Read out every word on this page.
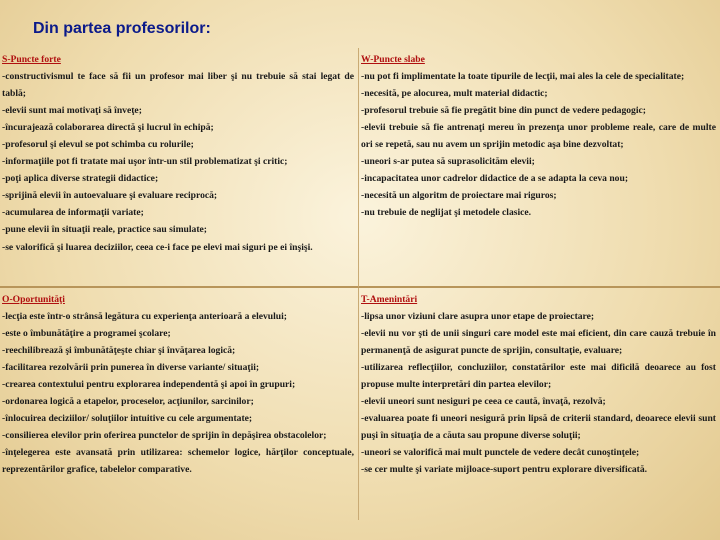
Din partea profesorilor:
S-Puncte forte
-constructivismul te face să fii un profesor mai liber şi nu trebuie să stai legat de tablă;
-elevii sunt mai motivaţi să înveţe;
-încurajează colaborarea directă şi lucrul în echipă;
-profesorul şi elevul se pot schimba cu rolurile;
-informaţiile pot fi tratate mai uşor într-un stil problematizat şi critic;
-poţi aplica diverse strategii didactice;
-sprijină elevii în autoevaluare şi evaluare reciprocă;
-acumularea de informaţii variate;
-pune elevii în situaţii reale, practice sau simulate;
-se valorifică şi luarea deciziilor, ceea ce-i face pe elevi mai siguri pe ei înşişi.
W-Puncte slabe
-nu pot fi implimentate la toate tipurile de lecţii, mai ales la cele de specialitate;
-necesită, pe alocurea, mult material didactic;
-profesorul trebuie să fie pregătit bine din punct de vedere pedagogic;
-elevii trebuie să fie antrenaţi mereu în prezenţa unor probleme reale, care de multe ori se repetă, sau nu avem un sprijin metodic aşa bine dezvoltat;
-uneori s-ar putea să suprasolicităm elevii;
-incapacitatea unor cadrelor didactice de a se adapta la ceva nou;
-necesită un algoritm de proiectare mai riguros;
-nu trebuie de neglijat şi metodele clasice.
O-Oportunităţi
-lecţia este într-o strânsă legătura cu experienţa anterioară a elevului;
-este o îmbunătăţire a programei şcolare;
-reechilibrează şi îmbunătăţeşte chiar şi învăţarea logică;
-facilitarea rezolvării prin punerea în diverse variante/ situaţii;
-crearea contextului pentru explorarea independentă şi apoi în grupuri;
-ordonarea logică a etapelor, proceselor, acţiunilor, sarcinilor;
-înlocuirea deciziilor/ soluţiilor intuitive cu cele argumentate;
-consilierea elevilor prin oferirea punctelor de sprijin în depăşirea obstacolelor;
-înţelegerea este avansată prin utilizarea: schemelor logice, hărţilor conceptuale, reprezentărilor grafice, tabelelor comparative.
T-Amenintări
-lipsa unor viziuni clare asupra unor etape de proiectare;
-elevii nu vor şti de unii singuri care model este mai eficient, din care cauză trebuie în permanenţă de asigurat puncte de sprijin, consultaţie, evaluare;
-utilizarea reflecţiilor, concluziilor, constatărilor este mai dificilă deoarece au fost propuse multe interpretări din partea elevilor;
-elevii uneori sunt nesiguri pe ceea ce caută, învaţă, rezolvă;
-evaluarea poate fi uneori nesigură prin lipsă de criterii standard, deoarece elevii sunt puşi în situaţia de a căuta sau propune diverse soluţii;
-uneori se valorifică mai mult punctele de vedere decât cunoştinţele;
-se cer multe şi variate mijloace-suport pentru explorare diversificată.
